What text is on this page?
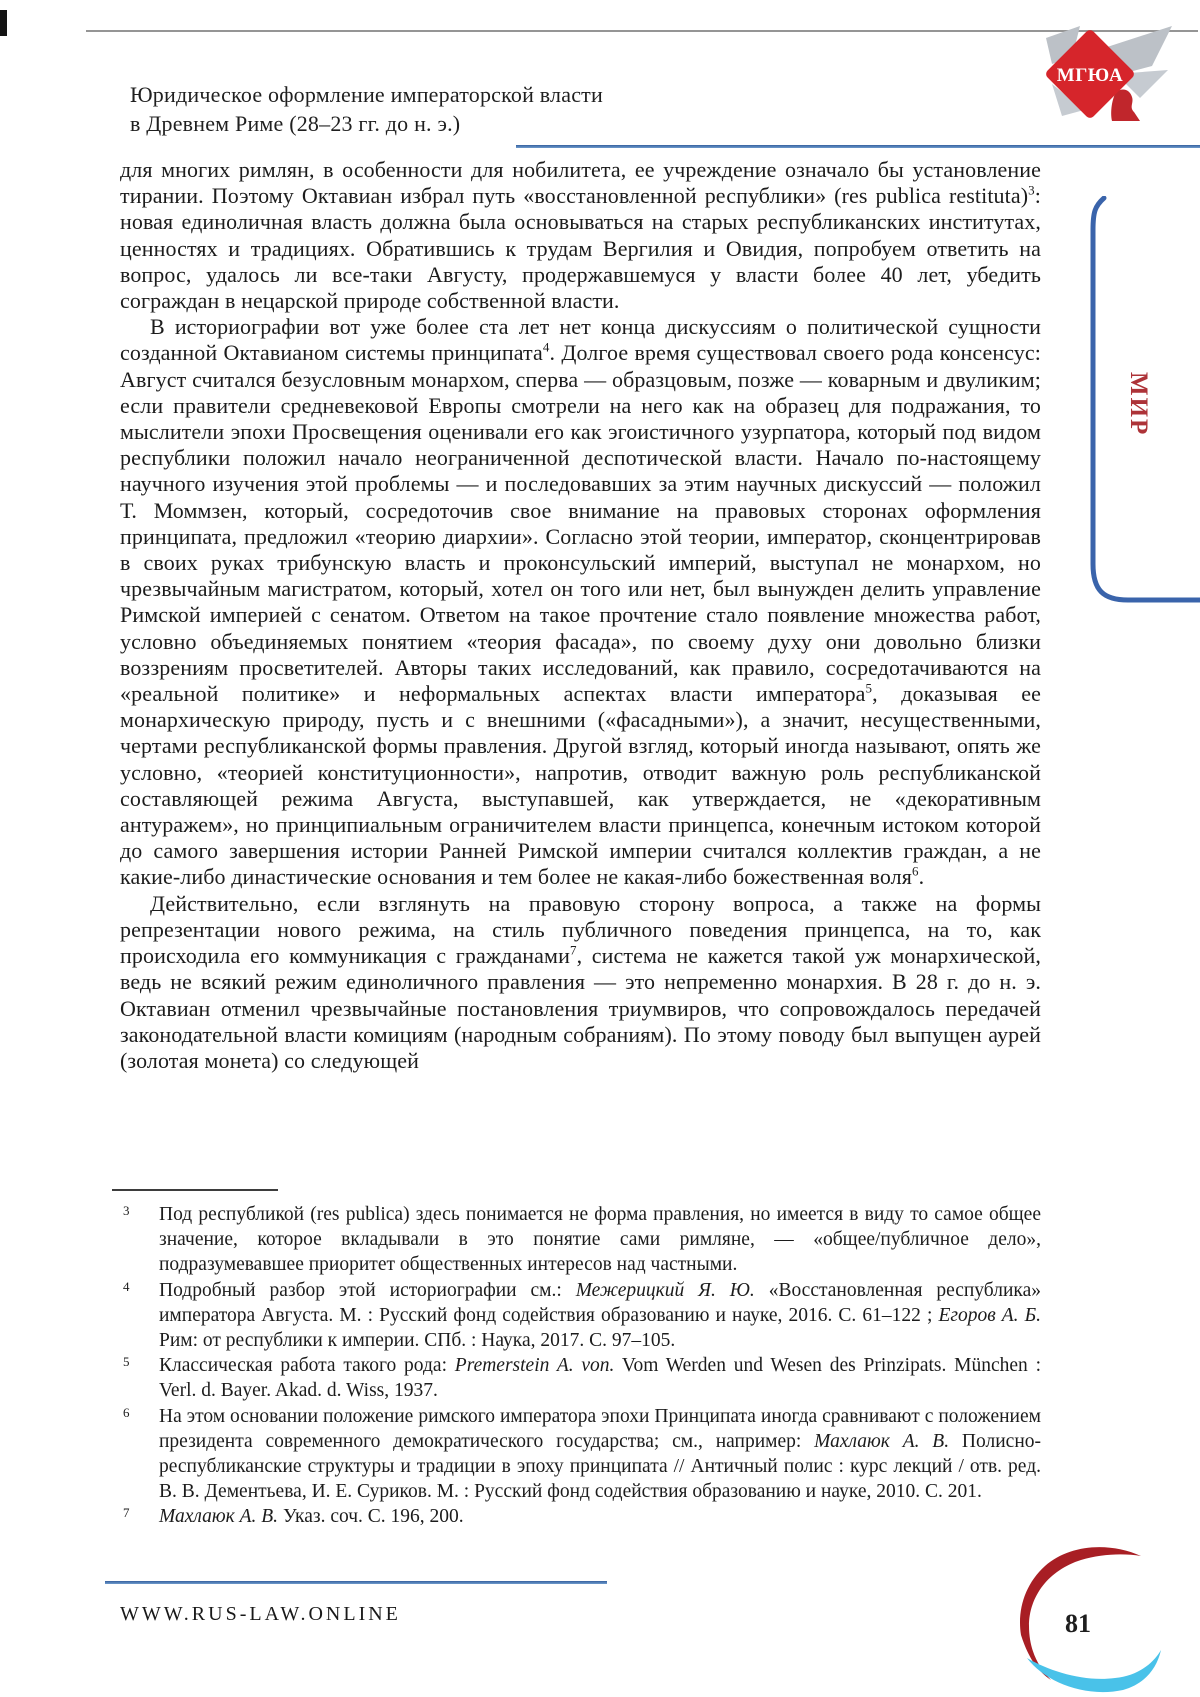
Юридическое оформление императорской власти
в Древнем Риме (28–23 гг. до н. э.)
МГЮА
МИР

для многих римлян, в особенности для нобилитета, ее учреждение означало бы установление тирании. Поэтому Октавиан избрал путь «восстановленной республики» (res publica restituta)$^3$: новая единоличная власть должна была основываться на старых республиканских институтах, ценностях и традициях. Обратившись к трудам Вергилия и Овидия, попробуем ответить на вопрос, удалось ли все-таки Августу, продержавшемуся у власти более 40 лет, убедить сограждан в нецарской природе собственной власти.

В историографии вот уже более ста лет нет конца дискуссиям о политической сущности созданной Октавианом системы принципата$^4$. Долгое время существовал своего рода консенсус: Август считался безусловным монархом, сперва — образцовым, позже — коварным и двуликим; если правители средневековой Европы смотрели на него как на образец для подражания, то мыслители эпохи Просвещения оценивали его как эгоистичного узурпатора, который под видом республики положил начало неограниченной деспотической власти. Начало по-настоящему научного изучения этой проблемы — и последовавших за этим научных дискуссий — положил Т. Моммзен, который, сосредоточив свое внимание на правовых сторонах оформления принципата, предложил «теорию диархии». Согласно этой теории, император, сконцентрировав в своих руках трибунскую власть и проконсульский империй, выступал не монархом, но чрезвычайным магистратом, который, хотел он того или нет, был вынужден делить управление Римской империей с сенатом. Ответом на такое прочтение стало появление множества работ, условно объединяемых понятием «теория фасада», по своему духу они довольно близки воззрениям просветителей. Авторы таких исследований, как правило, сосредотачиваются на «реальной политике» и неформальных аспектах власти императора$^5$, доказывая ее монархическую природу, пусть и с внешними («фасадными»), а значит, несущественными, чертами республиканской формы правления. Другой взгляд, который иногда называют, опять же условно, «теорией конституционности», напротив, отводит важную роль республиканской составляющей режима Августа, выступавшей, как утверждается, не «декоративным антуражем», но принципиальным ограничителем власти принцепса, конечным истоком которой до самого завершения истории Ранней Римской империи считался коллектив граждан, а не какие-либо династические основания и тем более не какая-либо божественная воля$^6$.

Действительно, если взглянуть на правовую сторону вопроса, а также на формы репрезентации нового режима, на стиль публичного поведения принцепса, на то, как происходила его коммуникация с гражданами$^7$, система не кажется такой уж монархической, ведь не всякий режим единоличного правления — это непременно монархия. В 28 г. до н. э. Октавиан отменил чрезвычайные постановления триумвиров, что сопровождалось передачей законодательной власти комициям (народным собраниям). По этому поводу был выпущен аурей (золотая монета) со следующей

3 Под республикой (res publica) здесь понимается не форма правления, но имеется в виду то самое общее значение, которое вкладывали в это понятие сами римляне, — «общее/публичное дело», подразумевавшее приоритет общественных интересов над частными.
4 Подробный разбор этой историографии см.: Межерицкий Я. Ю. «Восстановленная республика» императора Августа. М. : Русский фонд содействия образованию и науке, 2016. С. 61–122 ; Егоров А. Б. Рим: от республики к империи. СПб. : Наука, 2017. С. 97–105.
5 Классическая работа такого рода: Premerstein A. von. Vom Werden und Wesen des Prinzipats. München : Verl. d. Bayer. Akad. d. Wiss, 1937.
6 На этом основании положение римского императора эпохи Принципата иногда сравнивают с положением президента современного демократического государства; см., например: Махлаюк А. В. Полисно-республиканские структуры и традиции в эпоху принципата // Античный полис : курс лекций / отв. ред. В. В. Дементьева, И. Е. Суриков. М. : Русский фонд содействия образованию и науке, 2010. С. 201.
7 Махлаюк А. В. Указ. соч. С. 196, 200.
WWW.RUS-LAW.ONLINE	81
